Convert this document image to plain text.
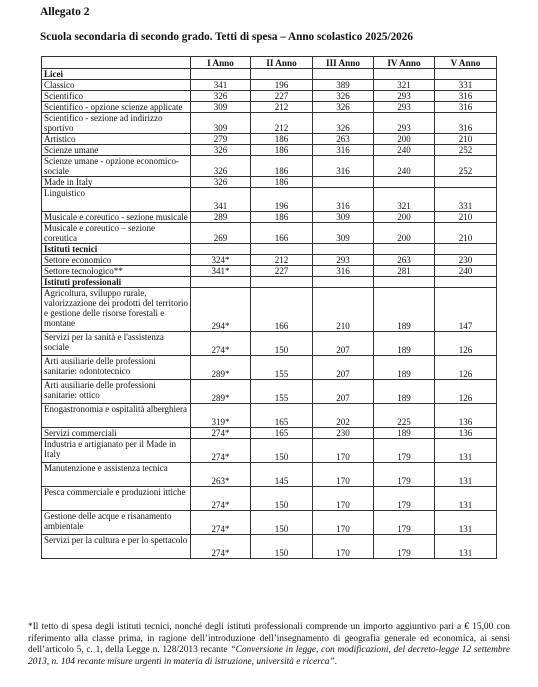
Allegato 2
Scuola secondaria di secondo grado. Tetti di spesa – Anno scolastico 2025/2026
	I Anno	II Anno	III Anno	IV Anno	V Anno
Licei					
Classico	341	196	389	321	331
Scientifico	326	227	326	293	316
Scientifico - opzione scienze applicate	309	212	326	293	316
Scientifico - sezione ad indirizzo sportivo	309	212	326	293	316
Artistico	279	186	263	200	210
Scienze umane	326	186	316	240	252
Scienze umane - opzione economico-sociale	326	186	316	240	252
Made in Italy	326	186			
Linguistico	341	196	316	321	331
Musicale e coreutico - sezione musicale	289	186	309	200	210
Musicale e coreutico – sezione coreutica	269	166	309	200	210
Istituti tecnici					
Settore economico	324*	212	293	263	230
Settore tecnologico**	341*	227	316	281	240
Istituti professionali					
Agricoltura, sviluppo rurale, valorizzazione dei prodotti del territorio e gestione delle risorse forestali e montane	294*	166	210	189	147
Servizi per la sanità e l'assistenza sociale	274*	150	207	189	126
Arti ausiliarie delle professioni sanitarie: odontotecnico	289*	155	207	189	126
Arti ausiliarie delle professioni sanitarie: ottico	289*	155	207	189	126
Enogastronomia e ospitalità alberghiera	319*	165	202	225	136
Servizi commerciali	274*	165	230	189	136
Industria e artigianato per il Made in Italy	274*	150	170	179	131
Manutenzione e assistenza tecnica	263*	145	170	179	131
Pesca commerciale e produzioni ittiche	274*	150	170	179	131
Gestione delle acque e risanamento ambientale	274*	150	170	179	131
Servizi per la cultura e per lo spettacolo	274*	150	170	179	131
*Il tetto di spesa degli istituti tecnici, nonché degli istituti professionali comprende un importo aggiuntivo pari a € 15,00 con riferimento alla classe prima, in ragione dell’introduzione dell’insegnamento di geografia generale ed economica, ai sensi dell’articolo 5, c. 1, della Legge n. 128/2013 recante “Conversione in legge, con modificazioni, del decreto-legge 12 settembre 2013, n. 104 recante misure urgenti in materia di istruzione, università e ricerca”.
